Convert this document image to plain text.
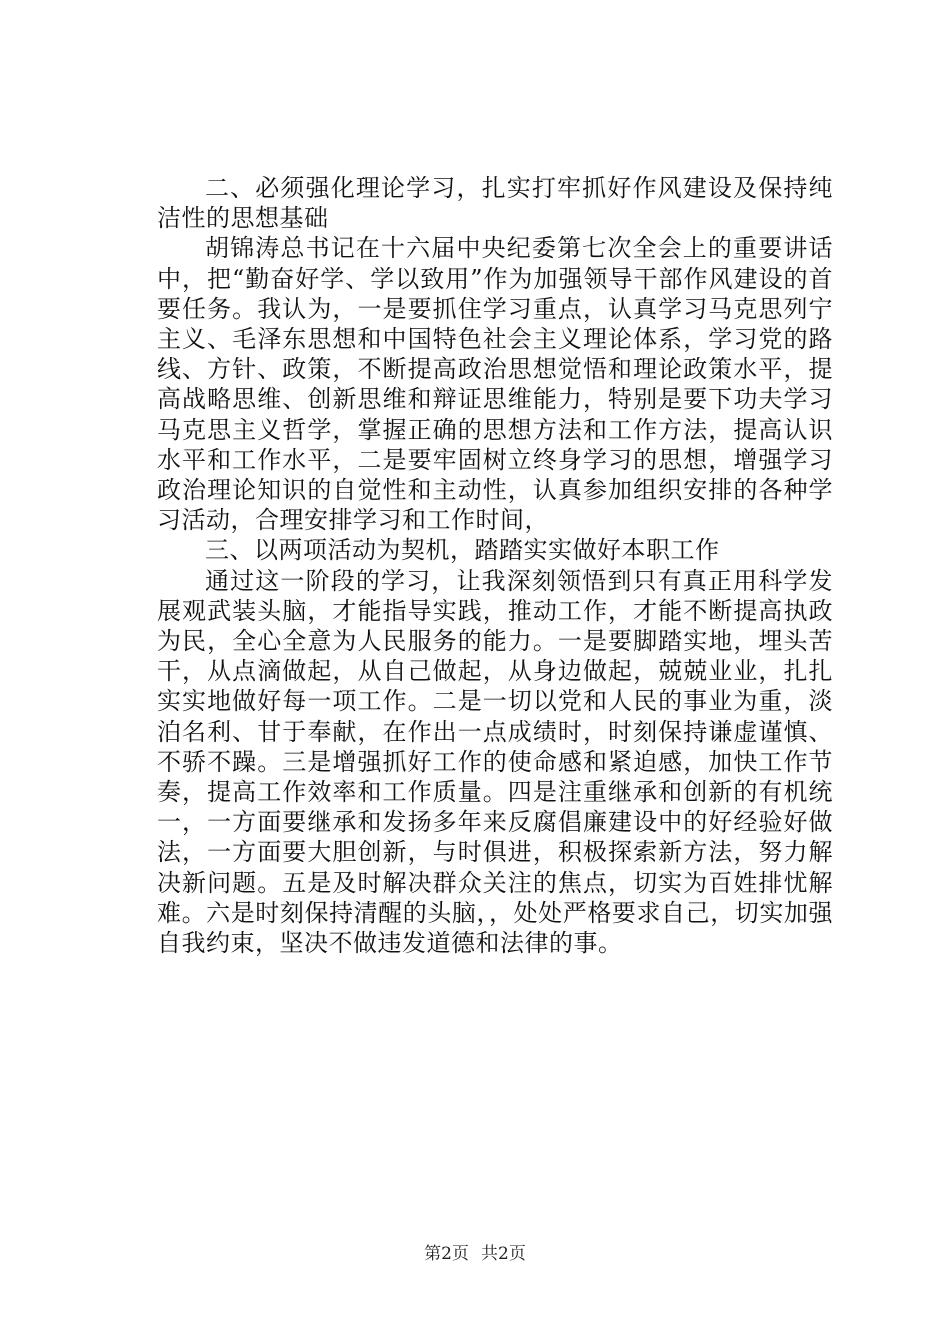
二、必须强化理论学习，扎实打牢抓好作风建设及保持纯洁性的思想基础

胡锦涛总书记在十六届中央纪委第七次全会上的重要讲话中，把“勤奋好学、学以致用”作为加强领导干部作风建设的首要任务。我认为，一是要抓住学习重点，认真学习马克思列宁主义、毛泽东思想和中国特色社会主义理论体系，学习党的路线、方针、政策，不断提高政治思想觉悟和理论政策水平，提高战略思维、创新思维和辩证思维能力，特别是要下功夫学习马克思主义哲学，掌握正确的思想方法和工作方法，提高认识水平和工作水平，二是要牢固树立终身学习的思想，增强学习政治理论知识的自觉性和主动性，认真参加组织安排的各种学习活动，合理安排学习和工作时间，

三、以两项活动为契机，踏踏实实做好本职工作

通过这一阶段的学习，让我深刻领悟到只有真正用科学发展观武装头脑，才能指导实践，推动工作，才能不断提高执政为民，全心全意为人民服务的能力。一是要脚踏实地，埋头苦干，从点滴做起，从自己做起，从身边做起，兢兢业业，扎扎实实地做好每一项工作。二是一切以党和人民的事业为重，淡泊名利、甘于奉献，在作出一点成绩时，时刻保持谦虚谨慎、不骄不躁。三是增强抓好工作的使命感和紧迫感，加快工作节奏，提高工作效率和工作质量。四是注重继承和创新的有机统一，一方面要继承和发扬多年来反腐倡廉建设中的好经验好做法，一方面要大胆创新，与时俱进，积极探索新方法，努力解决新问题。五是及时解决群众关注的焦点，切实为百姓排忧解难。六是时刻保持清醒的头脑，，处处严格要求自己，切实加强自我约束，坚决不做违发道德和法律的事。

第2页 共2页
